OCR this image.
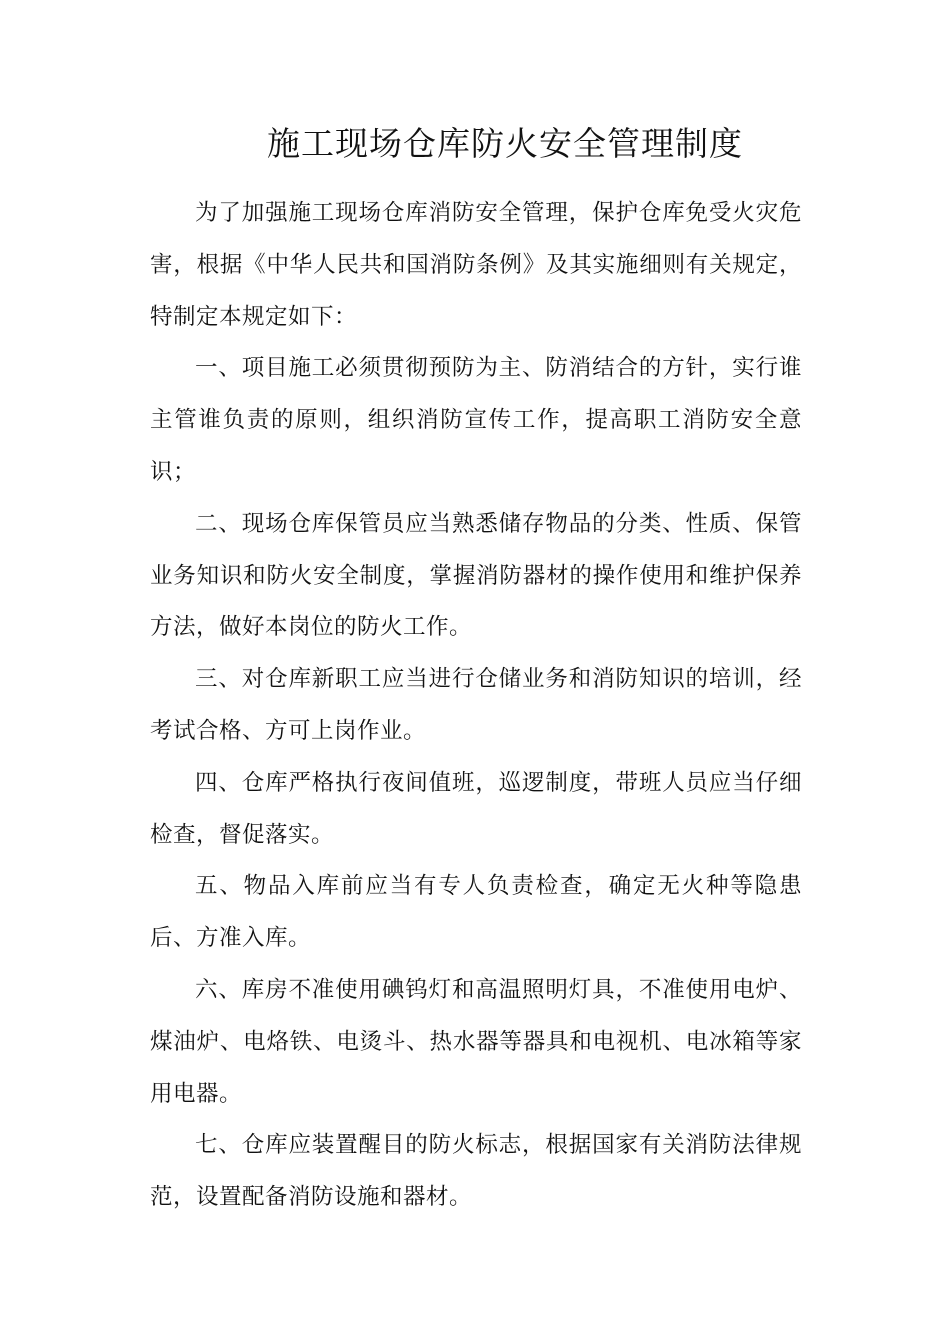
施工现场仓库防火安全管理制度

为了加强施工现场仓库消防安全管理，保护仓库免受火灾危害，根据《中华人民共和国消防条例》及其实施细则有关规定，特制定本规定如下：

一、项目施工必须贯彻预防为主、防消结合的方针，实行谁主管谁负责的原则，组织消防宣传工作，提高职工消防安全意识；

二、现场仓库保管员应当熟悉储存物品的分类、性质、保管业务知识和防火安全制度，掌握消防器材的操作使用和维护保养方法，做好本岗位的防火工作。

三、对仓库新职工应当进行仓储业务和消防知识的培训，经考试合格、方可上岗作业。

四、仓库严格执行夜间值班，巡逻制度，带班人员应当仔细检查，督促落实。

五、物品入库前应当有专人负责检查，确定无火种等隐患后、方准入库。

六、库房不准使用碘钨灯和高温照明灯具，不准使用电炉、煤油炉、电烙铁、电烫斗、热水器等器具和电视机、电冰箱等家用电器。

七、仓库应装置醒目的防火标志，根据国家有关消防法律规范，设置配备消防设施和器材。
